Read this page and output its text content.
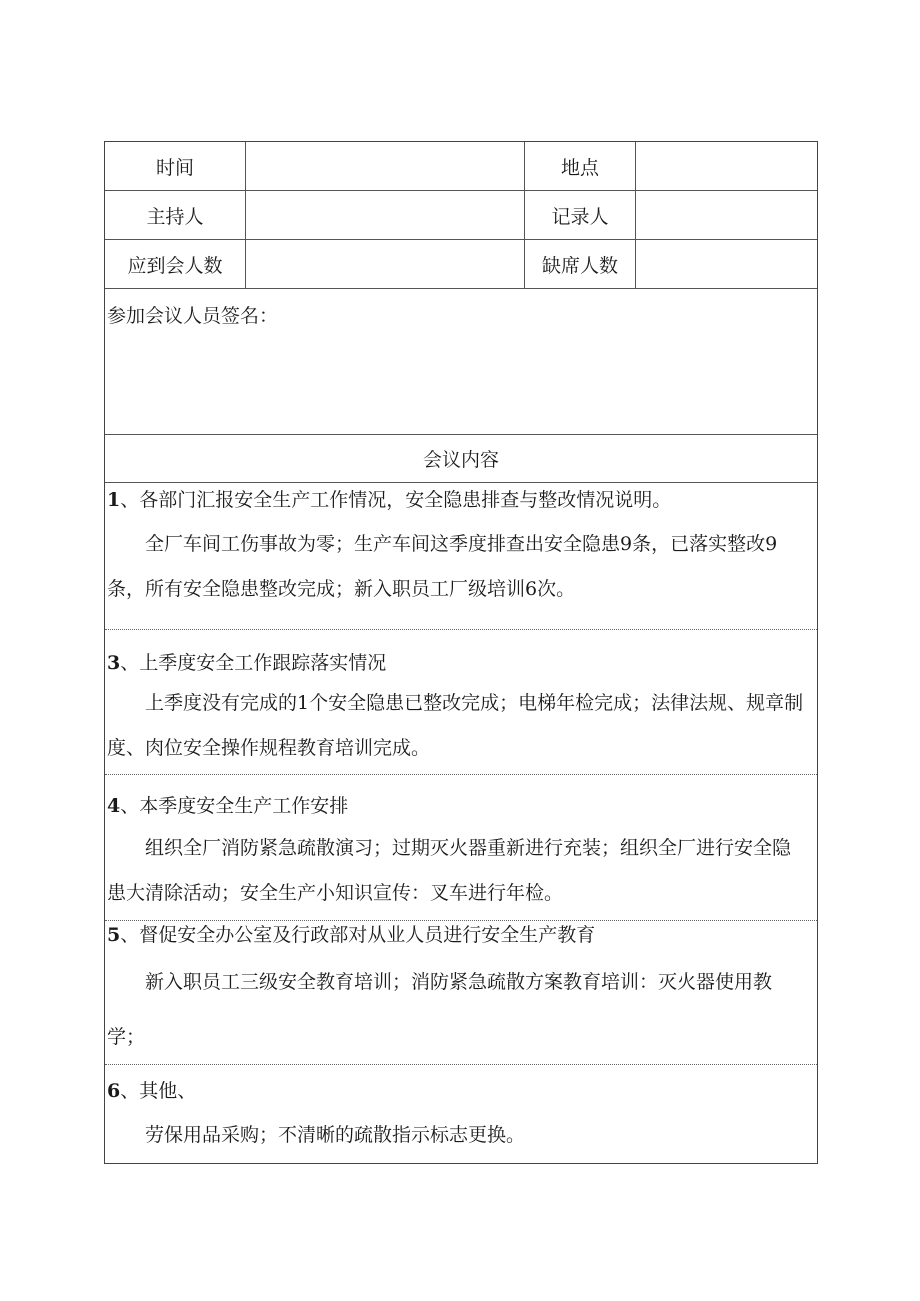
时间	地点
主持人	记录人
应到会人数	缺席人数
参加会议人员签名：
会议内容
1、各部门汇报安全生产工作情况，安全隐患排查与整改情况说明。
全厂车间工伤事故为零；生产车间这季度排查出安全隐患9条，已落实整改9条，所有安全隐患整改完成；新入职员工厂级培训6次。
3、上季度安全工作跟踪落实情况
上季度没有完成的1个安全隐患已整改完成；电梯年检完成；法律法规、规章制度、肉位安全操作规程教育培训完成。
4、本季度安全生产工作安排
组织全厂消防紧急疏散演习；过期灭火器重新进行充装；组织全厂进行安全隐患大清除活动；安全生产小知识宣传：叉车进行年检。
5、督促安全办公室及行政部对从业人员进行安全生产教育
新入职员工三级安全教育培训；消防紧急疏散方案教育培训：灭火器使用教学；
6、其他、
劳保用品采购；不清晰的疏散指示标志更换。
